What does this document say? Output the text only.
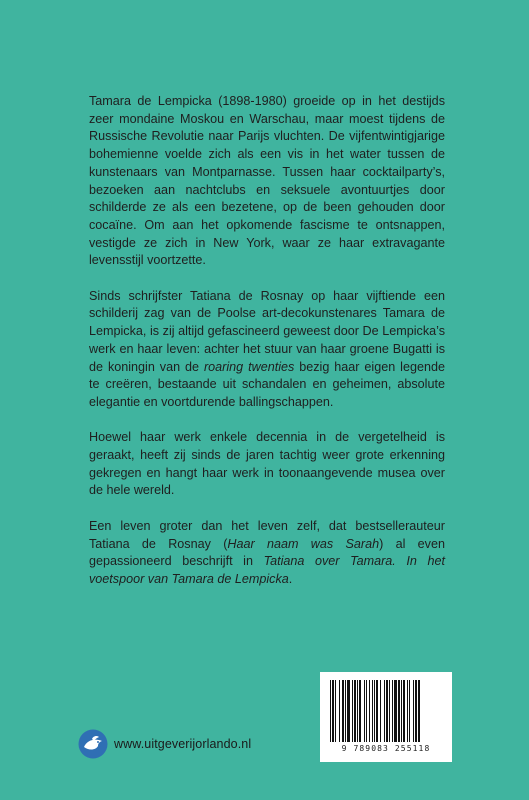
Tamara de Lempicka (1898-1980) groeide op in het destijds zeer mondaine Moskou en Warschau, maar moest tijdens de Russische Revolutie naar Parijs vluchten. De vijfentwintigjarige bohemienne voelde zich als een vis in het water tussen de kunstenaars van Montparnasse. Tussen haar cocktailparty’s, bezoeken aan nachtclubs en seksuele avontuurtjes door schilderde ze als een bezetene, op de been gehouden door cocaïne. Om aan het opkomende fascisme te ontsnappen, vestigde ze zich in New York, waar ze haar extravagante levensstijl voortzette.

Sinds schrijfster Tatiana de Rosnay op haar vijftiende een schilderij zag van de Poolse art-decokunstenares Tamara de Lempicka, is zij altijd gefascineerd geweest door De Lempicka’s werk en haar leven: achter het stuur van haar groene Bugatti is de koningin van de roaring twenties bezig haar eigen legende te creëren, bestaande uit schandalen en geheimen, absolute elegantie en voortdurende ballingschappen.

Hoewel haar werk enkele decennia in de vergetelheid is geraakt, heeft zij sinds de jaren tachtig weer grote erkenning gekregen en hangt haar werk in toonaangevende musea over de hele wereld.

Een leven groter dan het leven zelf, dat bestsellerauteur Tatiana de Rosnay (Haar naam was Sarah) al even gepassioneerd beschrijft in Tatiana over Tamara. In het voetspoor van Tamara de Lempicka.

www.uitgeverijorlando.nl	9 789083 255118
